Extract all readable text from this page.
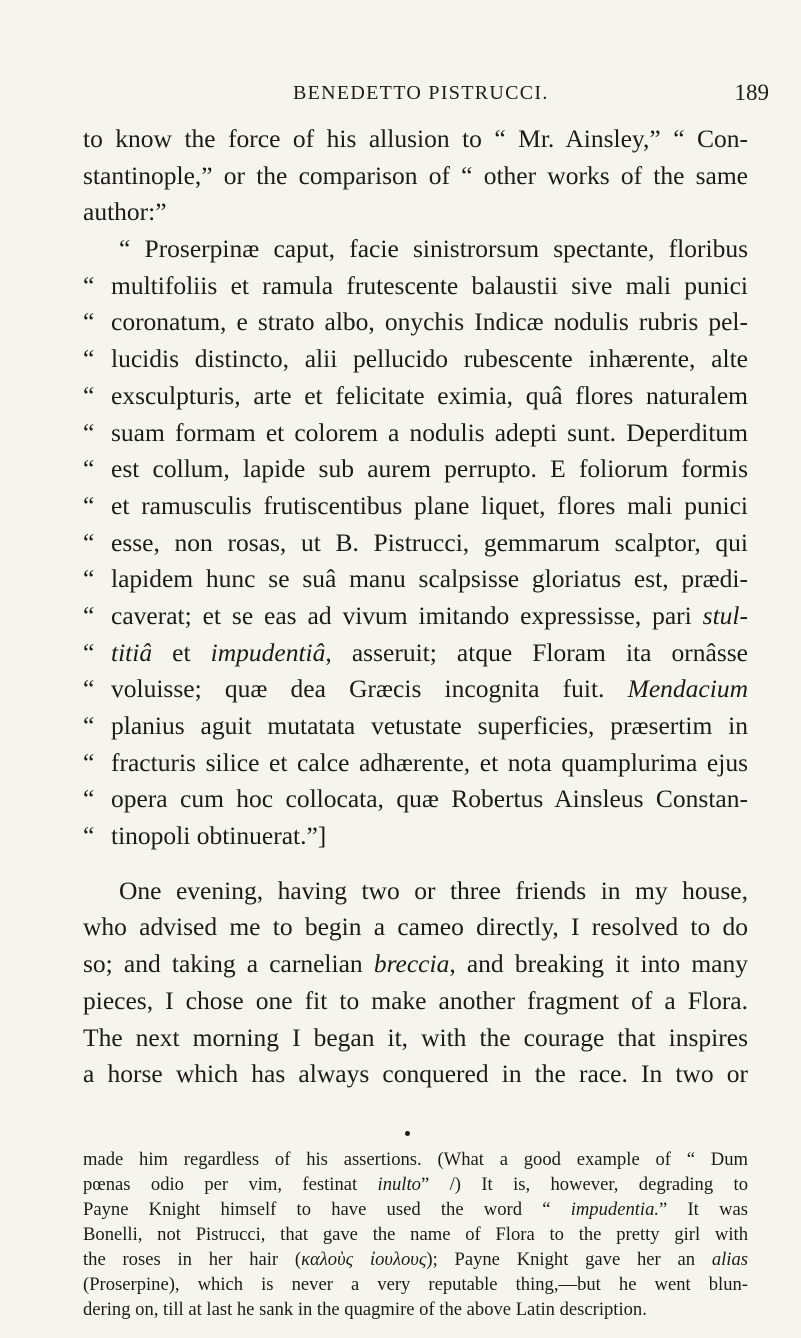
BENEDETTO PISTRUCCI.	189
to know the force of his allusion to “ Mr. Ainsley,” “ Con-
stantinople,” or the comparison of “ other works of the same
author:”
“ Proserpinæ caput, facie sinistrorsum spectante, floribus
“ multifoliis et ramula frutescente balaustii sive mali punici
“ coronatum, e strato albo, onychis Indicæ nodulis rubris pel-
“ lucidis distincto, alii pellucido rubescente inhærente, alte
“ exsculpturis, arte et felicitate eximia, quâ flores naturalem
“ suam formam et colorem a nodulis adepti sunt. Deperditum
“ est collum, lapide sub aurem perrupto. E foliorum formis
“ et ramusculis frutiscentibus plane liquet, flores mali punici
“ esse, non rosas, ut B. Pistrucci, gemmarum scalptor, qui
“ lapidem hunc se suâ manu scalpsisse gloriatus est, prædi-
“ caverat; et se eas ad vivum imitando expressisse, pari stul-
“ titiâ et impudentiâ, asseruit; atque Floram ita ornâsse
“ voluisse; quæ dea Græcis incognita fuit. Mendacium
“ planius aguit mutatata vetustate superficies, præsertim in
“ fracturis silice et calce adhærente, et nota quamplurima ejus
“ opera cum hoc collocata, quæ Robertus Ainsleus Constan-
“ tinopoli obtinuerat.”]
One evening, having two or three friends in my house,
who advised me to begin a cameo directly, I resolved to do
so; and taking a carnelian breccia, and breaking it into many
pieces, I chose one fit to make another fragment of a Flora.
The next morning I began it, with the courage that inspires
a horse which has always conquered in the race. In two or
made him regardless of his assertions. (What a good example of “ Dum
pœnas odio per vim, festinat inulto” /) It is, however, degrading to
Payne Knight himself to have used the word “ impudentia.” It was
Bonelli, not Pistrucci, that gave the name of Flora to the pretty girl with
the roses in her hair (καλοὺς ἰουλους); Payne Knight gave her an alias
(Proserpine), which is never a very reputable thing,—but he went blun-
dering on, till at last he sank in the quagmire of the above Latin description.
